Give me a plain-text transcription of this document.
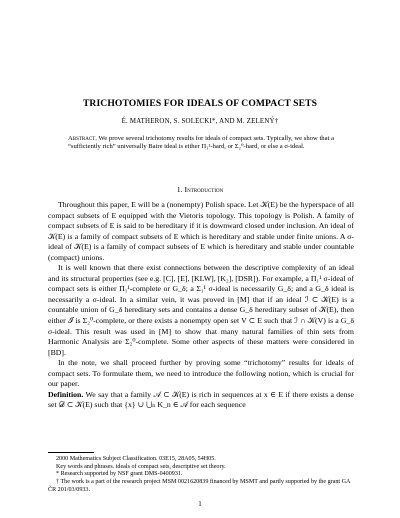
TRICHOTOMIES FOR IDEALS OF COMPACT SETS
É. MATHERON, S. SOLECKI*, AND M. ZELENÝ†
Abstract. We prove several trichotomy results for ideals of compact sets. Typically, we show that a “sufficiently rich” universally Baire ideal is either Π₁¹-hard, or Σ₂⁰-hard, or else a σ-ideal.
1. Introduction

Throughout this paper, E will be a (nonempty) Polish space. Let 𝒦(E) be the hyperspace of all compact subsets of E equipped with the Vietoris topology. This topology is Polish. A family of compact subsets of E is said to be hereditary if it is downward closed under inclusion. An ideal of 𝒦(E) is a family of compact subsets of E which is hereditary and stable under finite unions. A σ-ideal of 𝒦(E) is a family of compact subsets of E which is hereditary and stable under countable (compact) unions.

It is well known that there exist connections between the descriptive complexity of an ideal and its structural properties (see e.g. [C], [E], [KLW], [K₂], [DSR]). For example, a Π₁¹ σ-ideal of compact sets is either Π₁¹-complete or G_δ; a Σ₁¹ σ-ideal is necessarily G_δ; and a G_δ ideal is necessarily a σ-ideal. In a similar vein, it was proved in [M] that if an ideal ℐ ⊂ 𝒦(E) is a countable union of G_δ hereditary sets and contains a dense G_δ hereditary subset of 𝒦(E), then either ℐ is Σ₂⁰-complete, or there exists a nonempty open set V ⊂ E such that ℐ ∩ 𝒦(V) is a G_δ σ-ideal. This result was used in [M] to show that many natural families of thin sets from Harmonic Analysis are Σ₂⁰-complete. Some other aspects of these matters were considered in [BD].

In the note, we shall proceed further by proving some “trichotomy” results for ideals of compact sets. To formulate them, we need to introduce the following notion, which is crucial for our paper.

Definition. We say that a family 𝒜 ⊂ 𝒦(E) is rich in sequences at x ∈ E if there exists a dense set 𝒟 ⊂ 𝒦(E) such that {x} ∪ ⋃ₙ K_n ∈ 𝒜 for each sequence

2000 Mathematics Subject Classification. 03E15, 28A05, 54H05.
Key words and phrases. ideals of compact sets, descriptive set theory.
* Research supported by NSF grant DMS-0400931.
† The work is a part of the research project MSM 0021620839 financed by MSMT and partly supported by the grant GA ČR 201/03/0933.
1
